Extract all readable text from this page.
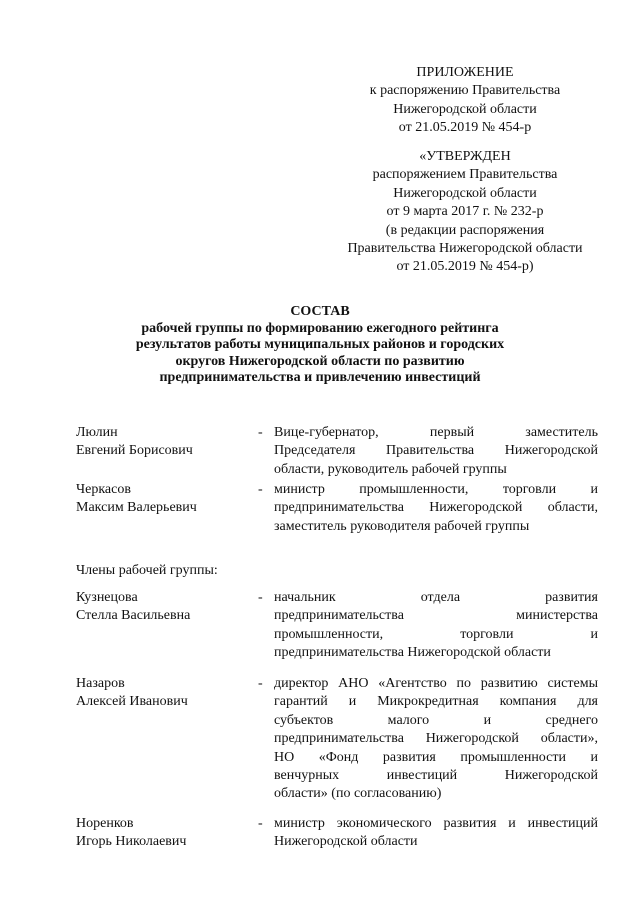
ПРИЛОЖЕНИЕ
к распоряжению Правительства
Нижегородской области
от 21.05.2019 № 454-р
«УТВЕРЖДЕН
распоряжением Правительства
Нижегородской области
от 9 марта 2017 г. № 232-р
(в редакции распоряжения
Правительства Нижегородской области
от 21.05.2019 № 454-р)
СОСТАВ
рабочей группы по формированию ежегодного рейтинга
результатов работы муниципальных районов и городских
округов Нижегородской области по развитию
предпринимательства и привлечению инвестиций
Люлин
Евгений Борисович
- Вице-губернатор, первый заместитель
Председателя Правительства Нижегородской
области, руководитель рабочей группы
Черкасов
Максим Валерьевич
- министр промышленности, торговли и
предпринимательства Нижегородской области,
заместитель руководителя рабочей группы
Члены рабочей группы:
Кузнецова
Стелла Васильевна
- начальник отдела развития
предпринимательства министерства
промышленности, торговли и
предпринимательства Нижегородской области
Назаров
Алексей Иванович
- директор АНО «Агентство по развитию системы
гарантий и Микрокредитная компания для
субъектов малого и среднего
предпринимательства Нижегородской области»,
НО «Фонд развития промышленности и
венчурных инвестиций Нижегородской
области» (по согласованию)
Норенков
Игорь Николаевич
- министр экономического развития и инвестиций
Нижегородской области
